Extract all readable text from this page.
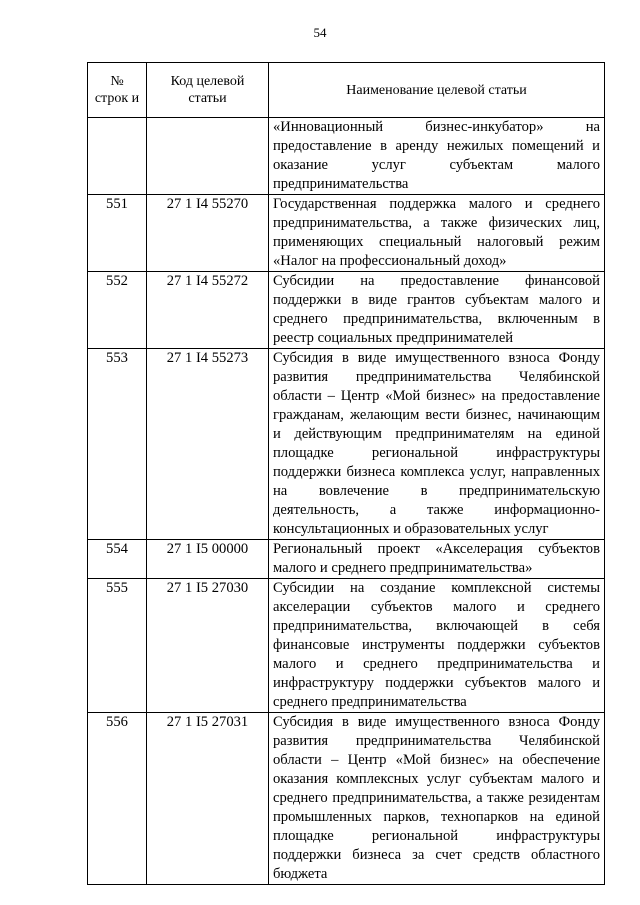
54
№ строк и	Код целевой статьи	Наименование целевой статьи
		«Инновационный бизнес-инкубатор» на предоставление в аренду нежилых помещений и оказание услуг субъектам малого предпринимательства
551	27 1 I4 55270	Государственная поддержка малого и среднего предпринимательства, а также физических лиц, применяющих специальный налоговый режим «Налог на профессиональный доход»
552	27 1 I4 55272	Субсидии на предоставление финансовой поддержки в виде грантов субъектам малого и среднего предпринимательства, включенным в реестр социальных предпринимателей
553	27 1 I4 55273	Субсидия в виде имущественного взноса Фонду развития предпринимательства Челябинской области – Центр «Мой бизнес» на предоставление гражданам, желающим вести бизнес, начинающим и действующим предпринимателям на единой площадке региональной инфраструктуры поддержки бизнеса комплекса услуг, направленных на вовлечение в предпринимательскую деятельность, а также информационно-консультационных и образовательных услуг
554	27 1 I5 00000	Региональный проект «Акселерация субъектов малого и среднего предпринимательства»
555	27 1 I5 27030	Субсидии на создание комплексной системы акселерации субъектов малого и среднего предпринимательства, включающей в себя финансовые инструменты поддержки субъектов малого и среднего предпринимательства и инфраструктуру поддержки субъектов малого и среднего предпринимательства
556	27 1 I5 27031	Субсидия в виде имущественного взноса Фонду развития предпринимательства Челябинской области – Центр «Мой бизнес» на обеспечение оказания комплексных услуг субъектам малого и среднего предпринимательства, а также резидентам промышленных парков, технопарков на единой площадке региональной инфраструктуры поддержки бизнеса за счет средств областного бюджета
